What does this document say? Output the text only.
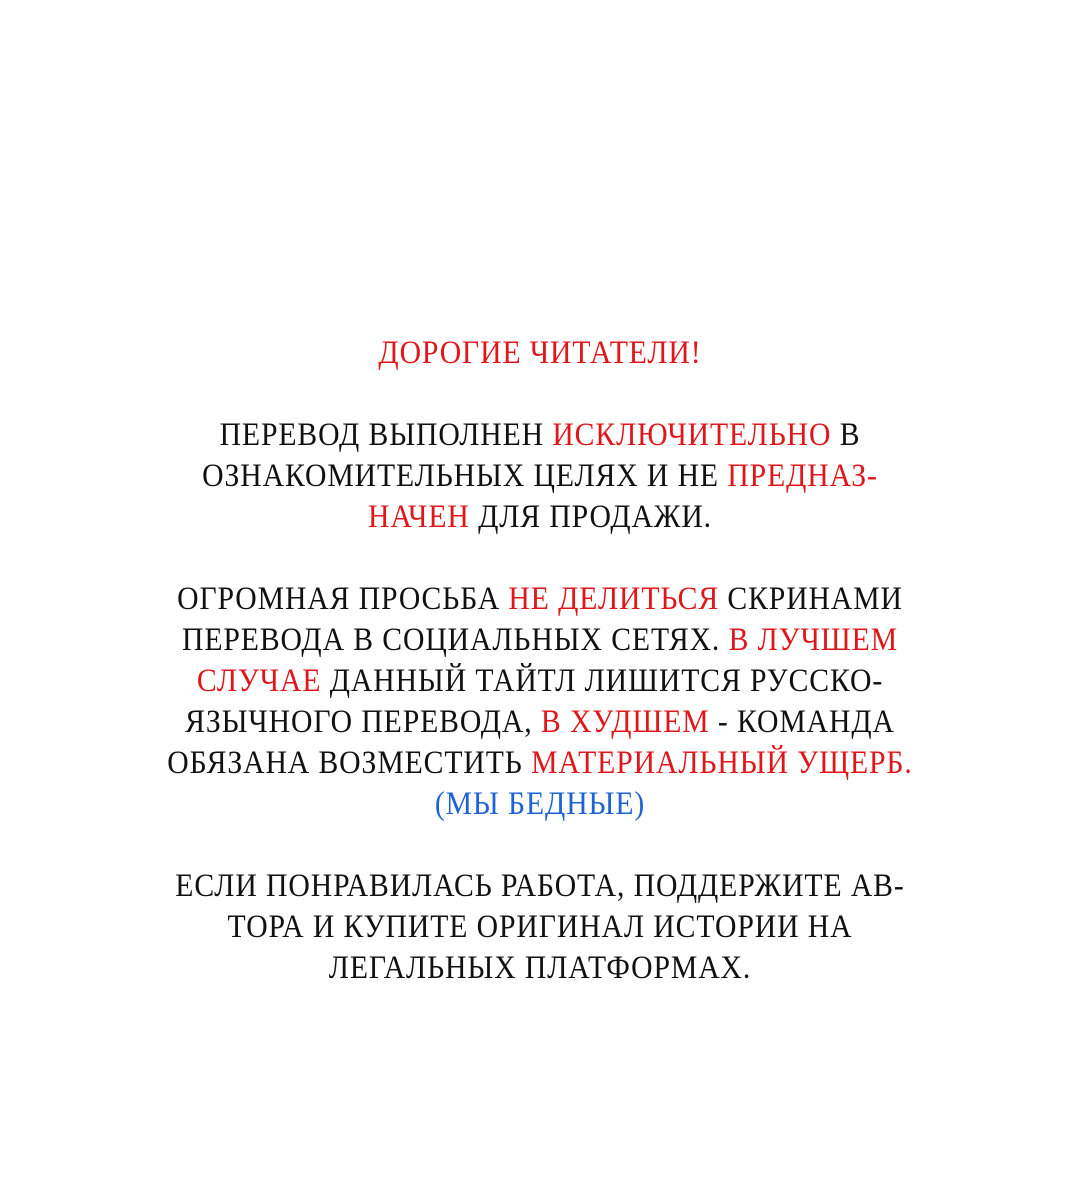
ДОРОГИЕ ЧИТАТЕЛИ!
ПЕРЕВОД ВЫПОЛНЕН ИСКЛЮЧИТЕЛЬНО В
ОЗНАКОМИТЕЛЬНЫХ ЦЕЛЯХ И НЕ ПРЕДНАЗ-
НАЧЕН ДЛЯ ПРОДАЖИ.
ОГРОМНАЯ ПРОСЬБА НЕ ДЕЛИТЬСЯ СКРИНАМИ
ПЕРЕВОДА В СОЦИАЛЬНЫХ СЕТЯХ. В ЛУЧШЕМ
СЛУЧАЕ ДАННЫЙ ТАЙТЛ ЛИШИТСЯ РУССКО-
ЯЗЫЧНОГО ПЕРЕВОДА, В ХУДШЕМ - КОМАНДА
ОБЯЗАНА ВОЗМЕСТИТЬ МАТЕРИАЛЬНЫЙ УЩЕРБ.
(МЫ БЕДНЫЕ)
ЕСЛИ ПОНРАВИЛАСЬ РАБОТА, ПОДДЕРЖИТЕ АВ-
ТОРА И КУПИТЕ ОРИГИНАЛ ИСТОРИИ НА
ЛЕГАЛЬНЫХ ПЛАТФОРМАХ.
